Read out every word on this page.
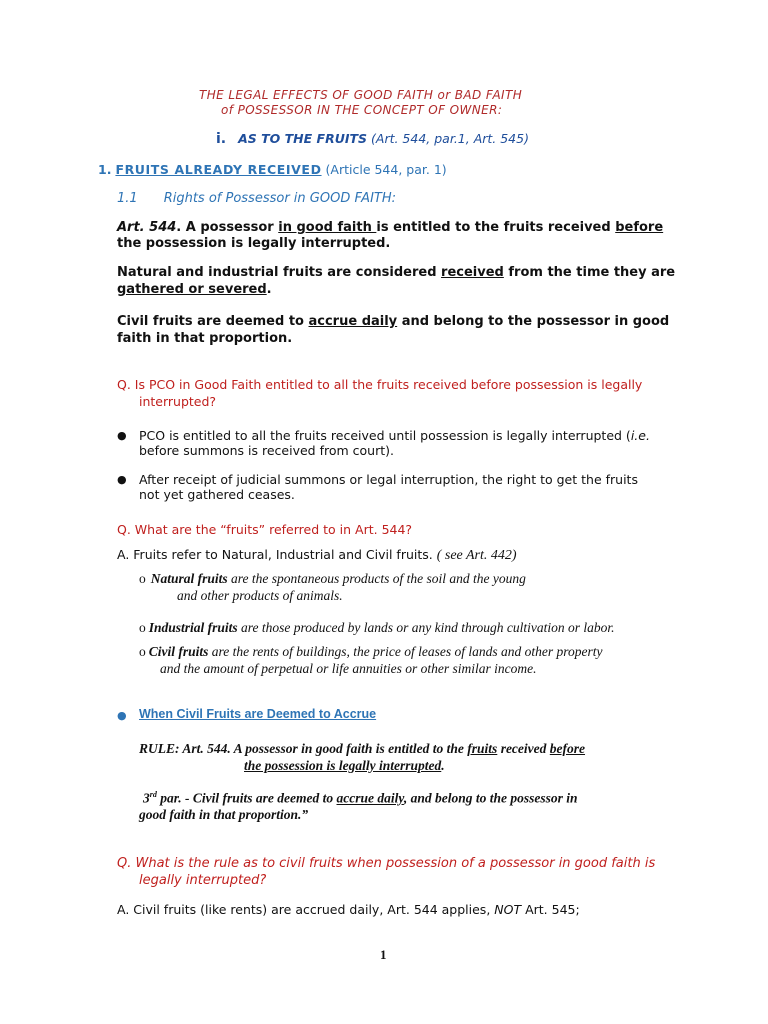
THE LEGAL EFFECTS OF GOOD FAITH or BAD FAITH

of POSSESSOR IN THE CONCEPT OF OWNER:

i. AS TO THE FRUITS (Art. 544, par.1, Art. 545)

1. FRUITS ALREADY RECEIVED (Article 544, par. 1)

1.1 Rights of Possessor in GOOD FAITH:

Art. 544. A possessor in good faith is entitled to the fruits received before

the possession is legally interrupted.

Natural and industrial fruits are considered received from the time they are

gathered or severed.

Civil fruits are deemed to accrue daily and belong to the possessor in good

faith in that proportion.

Q. Is PCO in Good Faith entitled to all the fruits received before possession is legally

interrupted?

● PCO is entitled to all the fruits received until possession is legally interrupted (i.e.

before summons is received from court).

● After receipt of judicial summons or legal interruption, the right to get the fruits

not yet gathered ceases.

Q. What are the “fruits” referred to in Art. 544?

A. Fruits refer to Natural, Industrial and Civil fruits. ( see Art. 442)

o Natural fruits are the spontaneous products of the soil and the young

and other products of animals.

o Industrial fruits are those produced by lands or any kind through cultivation or labor.

o Civil fruits are the rents of buildings, the price of leases of lands and other property

and the amount of perpetual or life annuities or other similar income.

● When Civil Fruits are Deemed to Accrue

RULE: Art. 544. A possessor in good faith is entitled to the fruits received before

the possession is legally interrupted.

3rd par. - Civil fruits are deemed to accrue daily, and belong to the possessor in

good faith in that proportion.”

Q. What is the rule as to civil fruits when possession of a possessor in good faith is

legally interrupted?

A. Civil fruits (like rents) are accrued daily, Art. 544 applies, NOT Art. 545;

1
